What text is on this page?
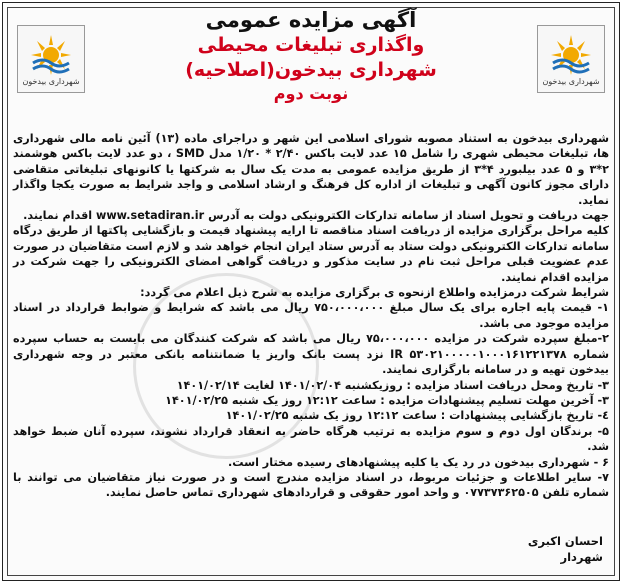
شهرداری بیدخون	شهرداری بیدخون
آگهی مزایده عمومی
واگذاری تبلیغات محیطی
شهرداری بیدخون(اصلاحیه)
نوبت دوم

شهرداری بیدخون به استناد مصوبه شورای اسلامی این شهر و دراجرای ماده (۱۳) آئین نامه مالی شهرداری ها، تبلیغات محیطی شهری را شامل ۱۵ عدد لایت باکس ۲/۴۰ * ۱/۲۰ مدل SMD ، دو عدد لایت باکس هوشمند ۲*۳ و ۵ عدد بیلبورد ۴*۳ از طریق مزایده عمومی به مدت یک سال به شرکتها یا کانونهای تبلیغاتی متقاضی دارای مجوز کانون آگهی و تبلیغات از اداره کل فرهنگ و ارشاد اسلامی و واجد شرایط به صورت یکجا واگذار نماید.

جهت دریافت و تحویل اسناد از سامانه تدارکات الکترونیکی دولت به آدرس www.setadiran.ir اقدام نمایند.

کلیه مراحل برگزاری مزایده از دریافت اسناد مناقصه تا ارایه پیشنهاد قیمت و بازگشایی پاکتها از طریق درگاه سامانه تدارکات الکترونیکی دولت ستاد به آدرس ستاد ایران انجام خواهد شد و لازم است متقاضیان در صورت عدم عضویت قبلی مراحل ثبت نام در سایت مذکور و دریافت گواهی امضای الکترونیکی را جهت شرکت در مزایده اقدام نمایند.

شرایط شرکت درمزایده واطلاع ازنحوه ی برگزاری مزایده به شرح ذیل اعلام می گردد:

۱- قیمت پایه اجاره برای یک سال مبلغ ۷۵۰،۰۰۰،۰۰۰ ریال می باشد که شرایط و ضوابط قرارداد در اسناد مزایده موجود می باشد.

۲-مبلغ سپرده شرکت در مزایده ۷۵،۰۰۰،۰۰۰ ریال می باشد که شرکت کنندگان می بایست به حساب سپرده شماره IR ۵۳۰۲۱۰۰۰۰۰۱۰۰۰۱۶۱۲۲۱۳۷۸ نزد پست بانک واریز یا ضمانتنامه بانکی معتبر در وجه شهرداری بیدخون تهیه و در سامانه بارگزاری نمایند.

۳- تاریخ ومحل دریافت اسناد مزایده : روزیکشنبه ۱۴۰۱/۰۲/۰۴ لغایت ۱۴۰۱/۰۲/۱۴

۳- آخرین مهلت تسلیم پیشنهادات مزایده : ساعت ۱۲:۱۲ روز یک شنبه ۱۴۰۱/۰۲/۲۵

٤- تاریخ بازگشایی پیشنهادات : ساعت ۱۲:۱۲ روز یک شنبه ۱۴۰۱/۰۲/۲۵

۵- برندگان اول دوم و سوم مزایده به ترتیب هرگاه حاضر به انعقاد قرارداد نشوند، سپرده آنان ضبط خواهد شد.

۶ - شهرداری بیدخون در رد یک یا کلیه پیشنهادهای رسیده مختار است.

۷- سایر اطلاعات و جزئیات مربوط، در اسناد مزایده مندرج است و در صورت نیاز متقاضیان می توانند با شماره تلفن ۰۷۷۳۷۳۶۲۵۰۵ و واحد امور حقوقی و قراردادهای شهرداری تماس حاصل نمایند.

احسان اکبری
شهردار
